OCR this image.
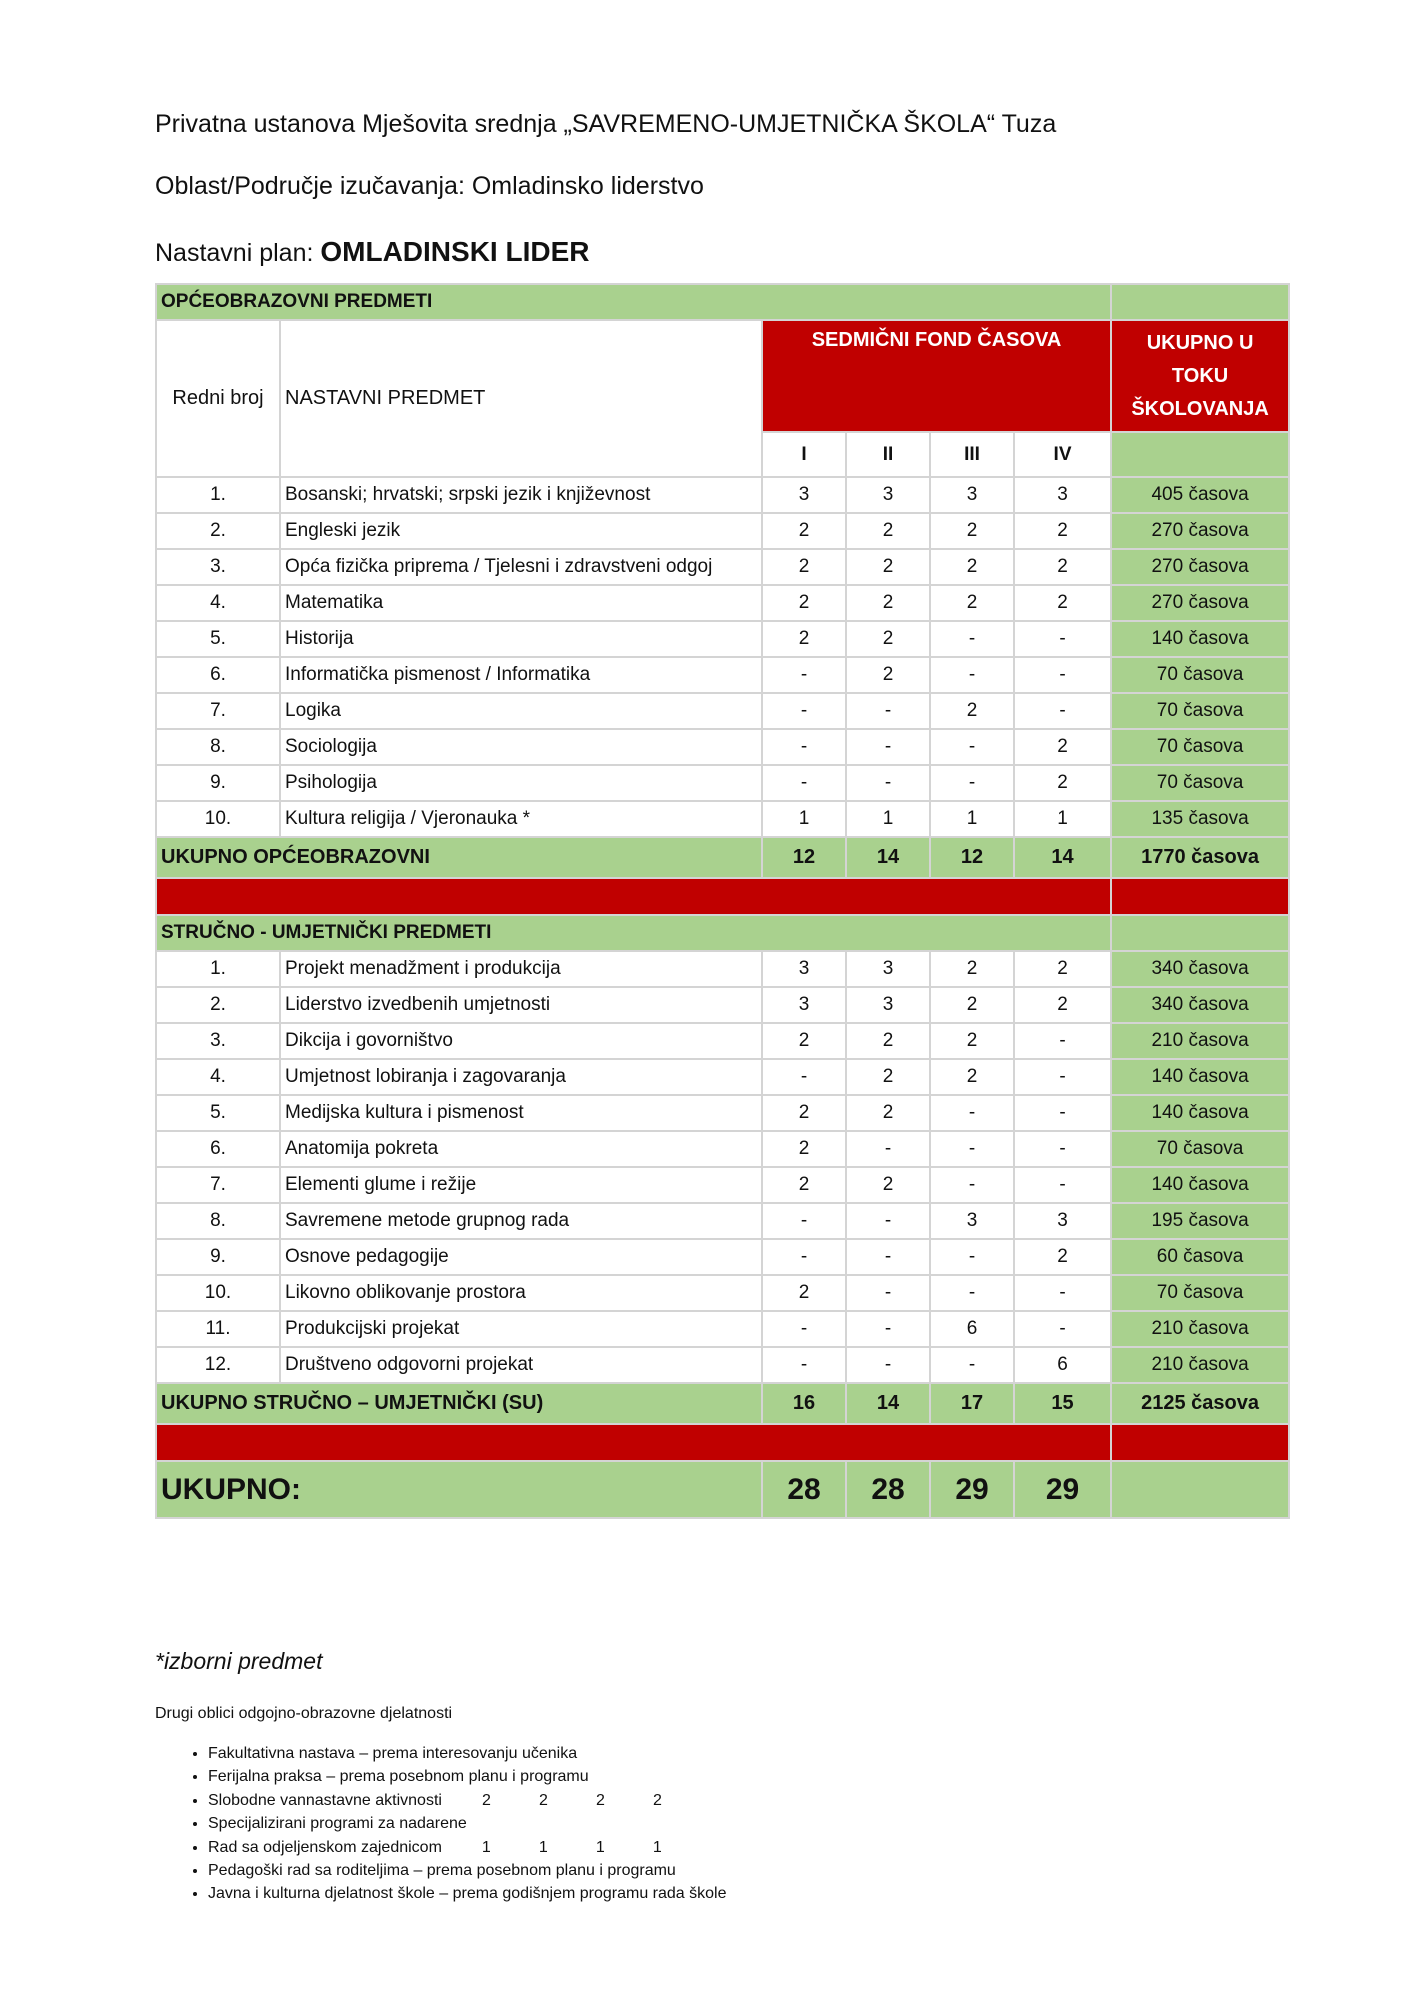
Privatna ustanova Mješovita srednja „SAVREMENO-UMJETNIČKA ŠKOLA“ Tuza
Oblast/Područje izučavanja: Omladinsko liderstvo
Nastavni plan: OMLADINSKI LIDER
OPĆEOBRAZOVNI PREDMETI						
Redni broj	NASTAVNI PREDMET	SEDMIČNI FOND ČASOVA				UKUPNO U TOKU ŠKOLOVANJA
		I	II	III	IV	
1.	Bosanski; hrvatski; srpski jezik i književnost	3	3	3	3	405 časova
2.	Engleski jezik	2	2	2	2	270 časova
3.	Opća fizička priprema / Tjelesni i zdravstveni odgoj	2	2	2	2	270 časova
4.	Matematika	2	2	2	2	270 časova
5.	Historija	2	2	-	-	140 časova
6.	Informatička pismenost / Informatika	-	2	-	-	70 časova
7.	Logika	-	-	2	-	70 časova
8.	Sociologija	-	-	-	2	70 časova
9.	Psihologija	-	-	-	2	70 časova
10.	Kultura religija / Vjeronauka *	1	1	1	1	135 časova
UKUPNO OPĆEOBRAZOVNI		12	14	12	14	1770 časova

STRUČNO - UMJETNIČKI PREDMETI						
1.	Projekt menadžment i produkcija	3	3	2	2	340 časova
2.	Liderstvo izvedbenih umjetnosti	3	3	2	2	340 časova
3.	Dikcija i govorništvo	2	2	2	-	210 časova
4.	Umjetnost lobiranja i zagovaranja	-	2	2	-	140 časova
5.	Medijska kultura i pismenost	2	2	-	-	140 časova
6.	Anatomija pokreta	2	-	-	-	70 časova
7.	Elementi glume i režije	2	2	-	-	140 časova
8.	Savremene metode grupnog rada	-	-	3	3	195 časova
9.	Osnove pedagogije	-	-	-	2	60 časova
10.	Likovno oblikovanje prostora	2	-	-	-	70 časova
11.	Produkcijski projekat	-	-	6	-	210 časova
12.	Društveno odgovorni projekat	-	-	-	6	210 časova
UKUPNO STRUČNO – UMJETNIČKI (SU)		16	14	17	15	2125 časova

UKUPNO:		28	28	29	29	
*izborni predmet
Drugi oblici odgojno-obrazovne djelatnosti
• Fakultativna nastava – prema interesovanju učenika
• Ferijalna praksa – prema posebnom planu i programu
• Slobodne vannastavne aktivnosti	2	2	2	2
• Specijalizirani programi za nadarene
• Rad sa odjeljenskom zajednicom	1	1	1	1
• Pedagoški rad sa roditeljima – prema posebnom planu i programu
• Javna i kulturna djelatnost škole – prema godišnjem programu rada škole
